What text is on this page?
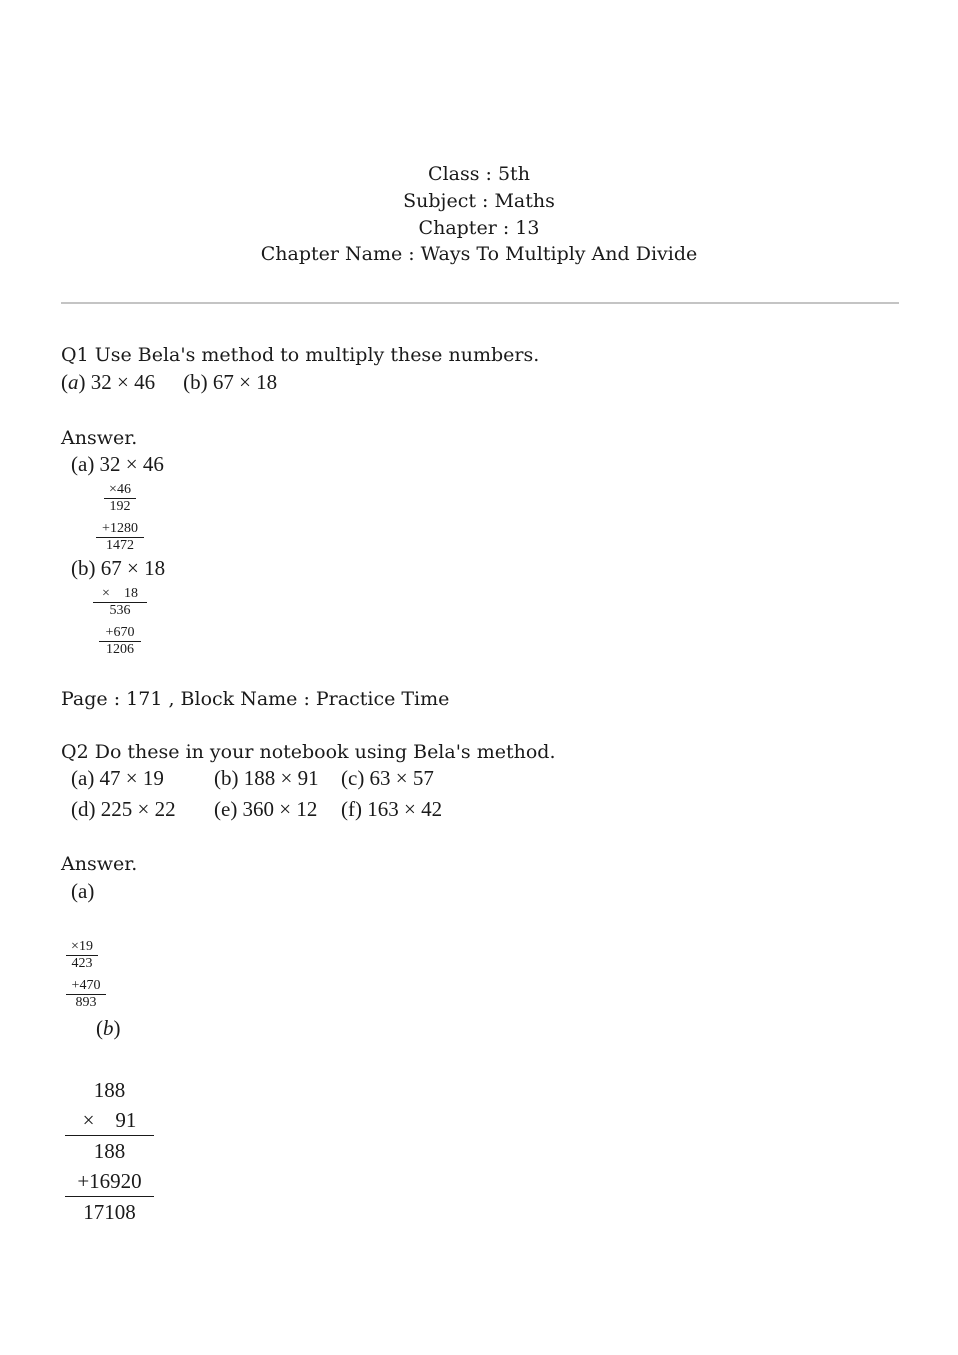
Class : 5th
Subject : Maths
Chapter : 13
Chapter Name : Ways To Multiply And Divide
Q1 Use Bela's method to multiply these numbers.
(a) 32 × 46 (b) 67 × 18
Answer.
(a) 32 × 46
×46
192
+1280
1472
(b) 67 × 18
×    18
536
+670
1206
Page : 171 , Block Name : Practice Time
Q2 Do these in your notebook using Bela's method.
(a) 47 × 19 (b) 188 × 91 (c) 63 × 57
(d) 225 × 22 (e) 360 × 12 (f) 163 × 42
Answer.
(a)
×19
423
+470
893
(b)
188
×    91
188
+16920
17108
